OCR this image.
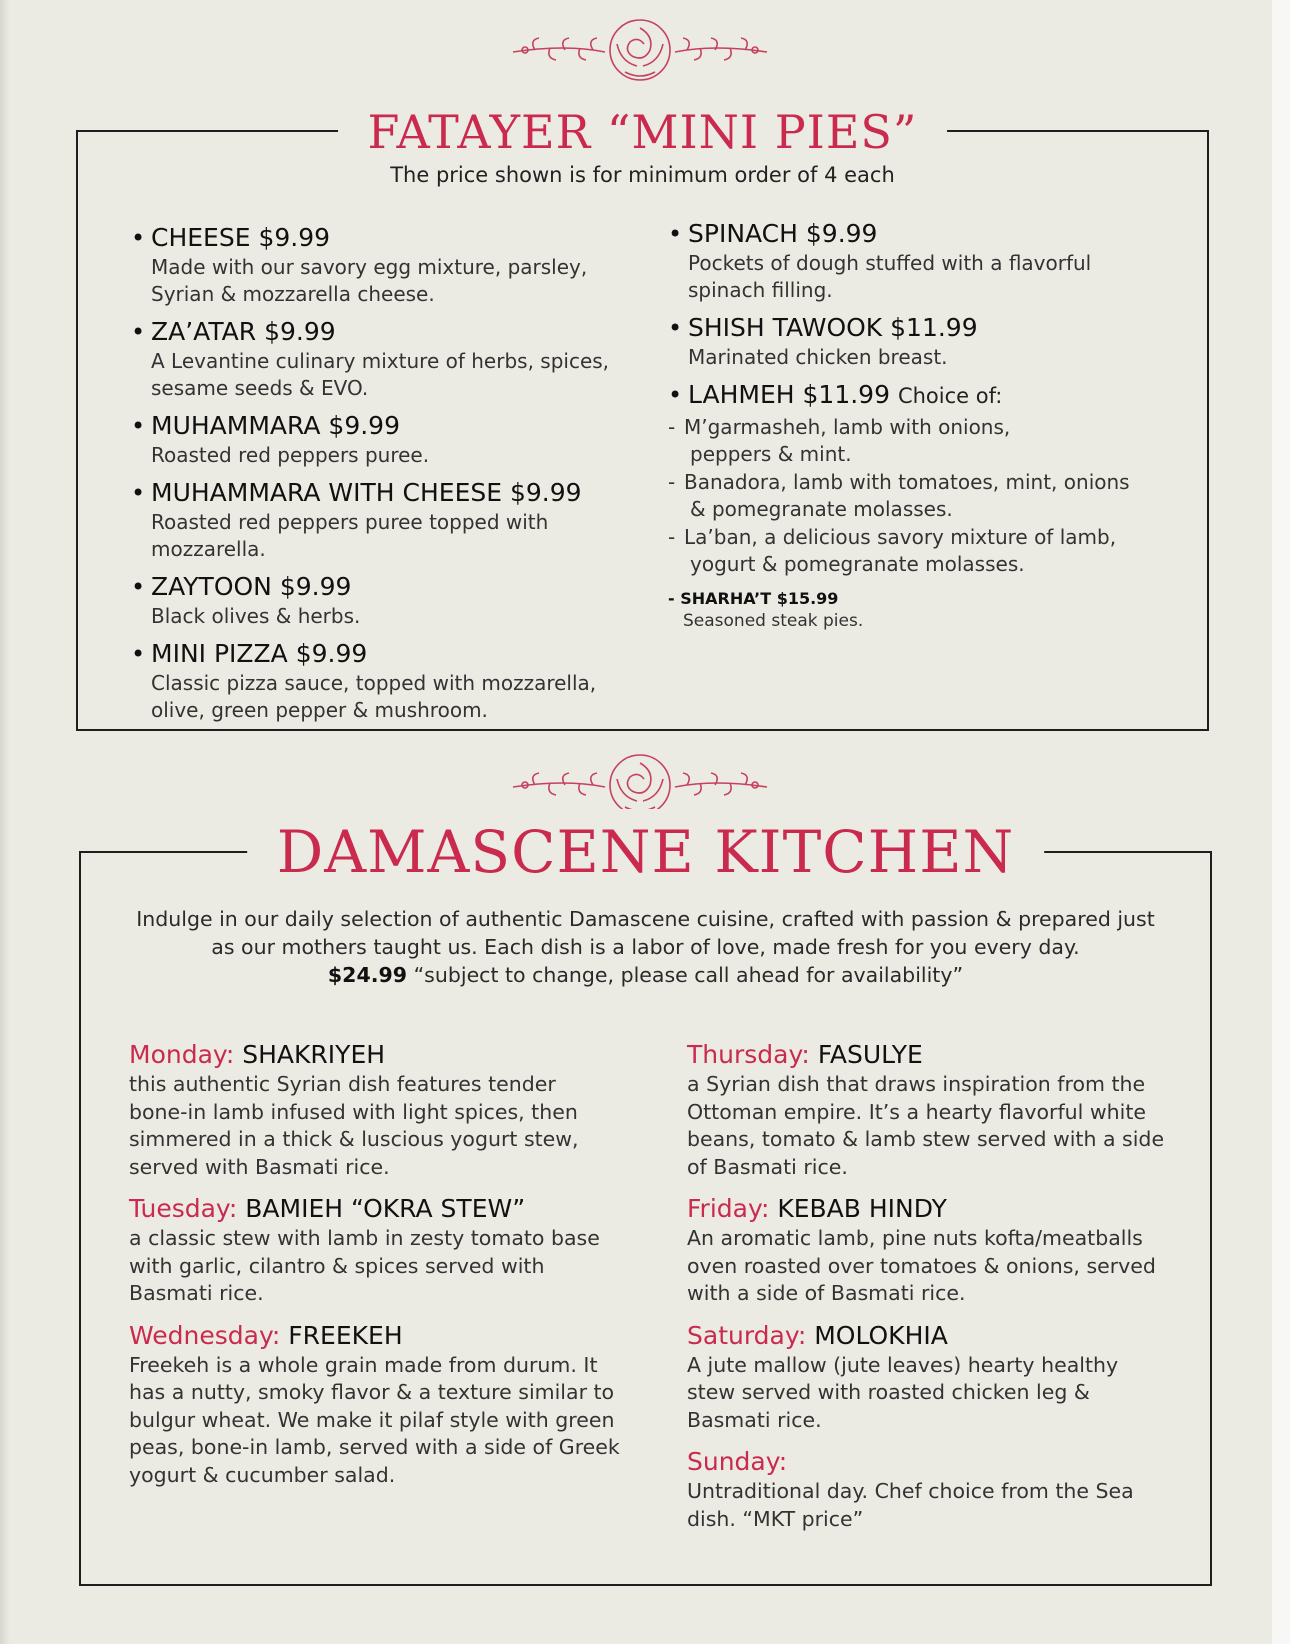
FATAYER “MINI PIES”
The price shown is for minimum order of 4 each
• CHEESE $9.99
Made with our savory egg mixture, parsley, Syrian & mozzarella cheese.
• ZA’ATAR $9.99
A Levantine culinary mixture of herbs, spices, sesame seeds & EVO.
• MUHAMMARA $9.99
Roasted red peppers puree.
• MUHAMMARA WITH CHEESE $9.99
Roasted red peppers puree topped with mozzarella.
• ZAYTOON $9.99
Black olives & herbs.
• MINI PIZZA $9.99
Classic pizza sauce, topped with mozzarella, olive, green pepper & mushroom.
• SPINACH $9.99
Pockets of dough stuffed with a flavorful spinach filling.
• SHISH TAWOOK $11.99
Marinated chicken breast.
• LAHMEH $11.99 Choice of:
- M’garmasheh, lamb with onions,
peppers & mint.
- Banadora, lamb with tomatoes, mint, onions
& pomegranate molasses.
- La’ban, a delicious savory mixture of lamb,
yogurt & pomegranate molasses.
- SHARHA’T $15.99
Seasoned steak pies.
DAMASCENE KITCHEN
Indulge in our daily selection of authentic Damascene cuisine, crafted with passion & prepared just
as our mothers taught us. Each dish is a labor of love, made fresh for you every day.
$24.99 “subject to change, please call ahead for availability”
Monday: SHAKRIYEH
this authentic Syrian dish features tender bone-in lamb infused with light spices, then simmered in a thick & luscious yogurt stew, served with Basmati rice.
Tuesday: BAMIEH “OKRA STEW”
a classic stew with lamb in zesty tomato base with garlic, cilantro & spices served with Basmati rice.
Wednesday: FREEKEH
Freekeh is a whole grain made from durum. It has a nutty, smoky flavor & a texture similar to bulgur wheat. We make it pilaf style with green peas, bone-in lamb, served with a side of Greek yogurt & cucumber salad.
Thursday: FASULYE
a Syrian dish that draws inspiration from the Ottoman empire. It’s a hearty flavorful white beans, tomato & lamb stew served with a side of Basmati rice.
Friday: KEBAB HINDY
An aromatic lamb, pine nuts kofta/meatballs oven roasted over tomatoes & onions, served with a side of Basmati rice.
Saturday: MOLOKHIA
A jute mallow (jute leaves) hearty healthy stew served with roasted chicken leg & Basmati rice.
Sunday:
Untraditional day. Chef choice from the Sea dish. “MKT price”
